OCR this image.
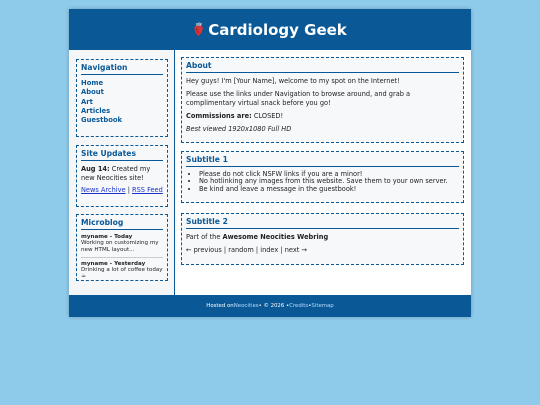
Cardiology Geek
Navigation
Home
About
Art
Articles
Guestbook
Site Updates

Aug 14: Created my new Neocities site!

News Archive | RSS Feed

Microblog
myname - Today
Working on customizing my new HTML layout...
myname - Yesterday
Drinking a lot of coffee today ☕
About

Hey guys! I'm [Your Name], welcome to my spot on the Internet!

Please use the links under Navigation to browse around, and grab a complimentary virtual snack before you go!

Commissions are: CLOSED!

Best viewed 1920x1080 Full HD

Subtitle 1
• Please do not click NSFW links if you are a minor!
• No hotlinking any images from this website. Save them to your own server.
• Be kind and leave a message in the guestbook!
Subtitle 2

Part of the Awesome Neocities Webring

← previous | random | index | next →

Hosted on Neocities • © 2026 • Credits • Sitemap
